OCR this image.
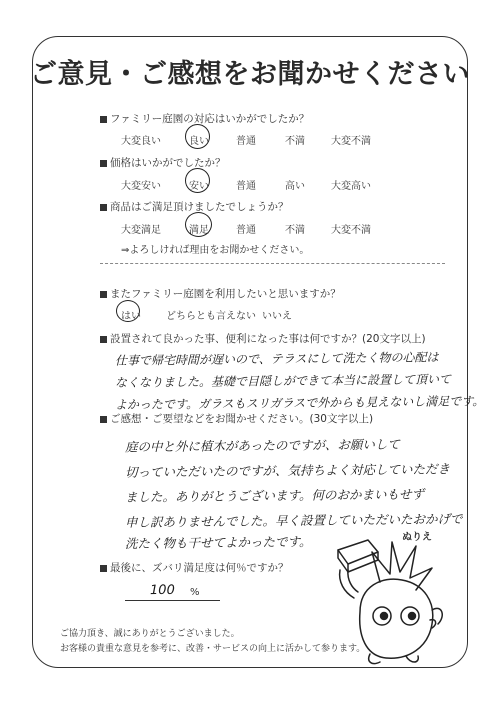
ご意見・ご感想をお聞かせください
ファミリー庭園の対応はいかがでしたか？
大変良い	良い	普通	不満	大変不満
価格はいかがでしたか？
大変安い	安い	普通	高い	大変高い
商品はご満足頂けましたでしょうか？
大変満足	満足	普通	不満	大変不満
⇒よろしければ理由をお聞かせください。
またファミリー庭園を利用したいと思いますか？
はい	どちらとも言えない いいえ
設置されて良かった事、便利になった事は何ですか？(20文字以上)
仕事で帰宅時間が遅いので、テラスにして洗たく物の心配は
なくなりました。基礎で目隠しができて本当に設置して頂いて
よかったです。ガラスもスリガラスで外からも見えないし満足です。
ご感想・ご要望などをお聞かせください。(30文字以上)
庭の中と外に植木があったのですが、お願いして
切っていただいたのですが、気持ちよく対応していただき
ました。ありがとうございます。何のおかまいもせず
申し訳ありませんでした。早く設置していただいたおかげで
洗たく物も干せてよかったです。
最後に、ズバリ満足度は何％ですか？
100 %
ご協力頂き、誠にありがとうございました。
お客様の貴重な意見を参考に、改善・サービスの向上に活かして参ります。
ぬりえ
